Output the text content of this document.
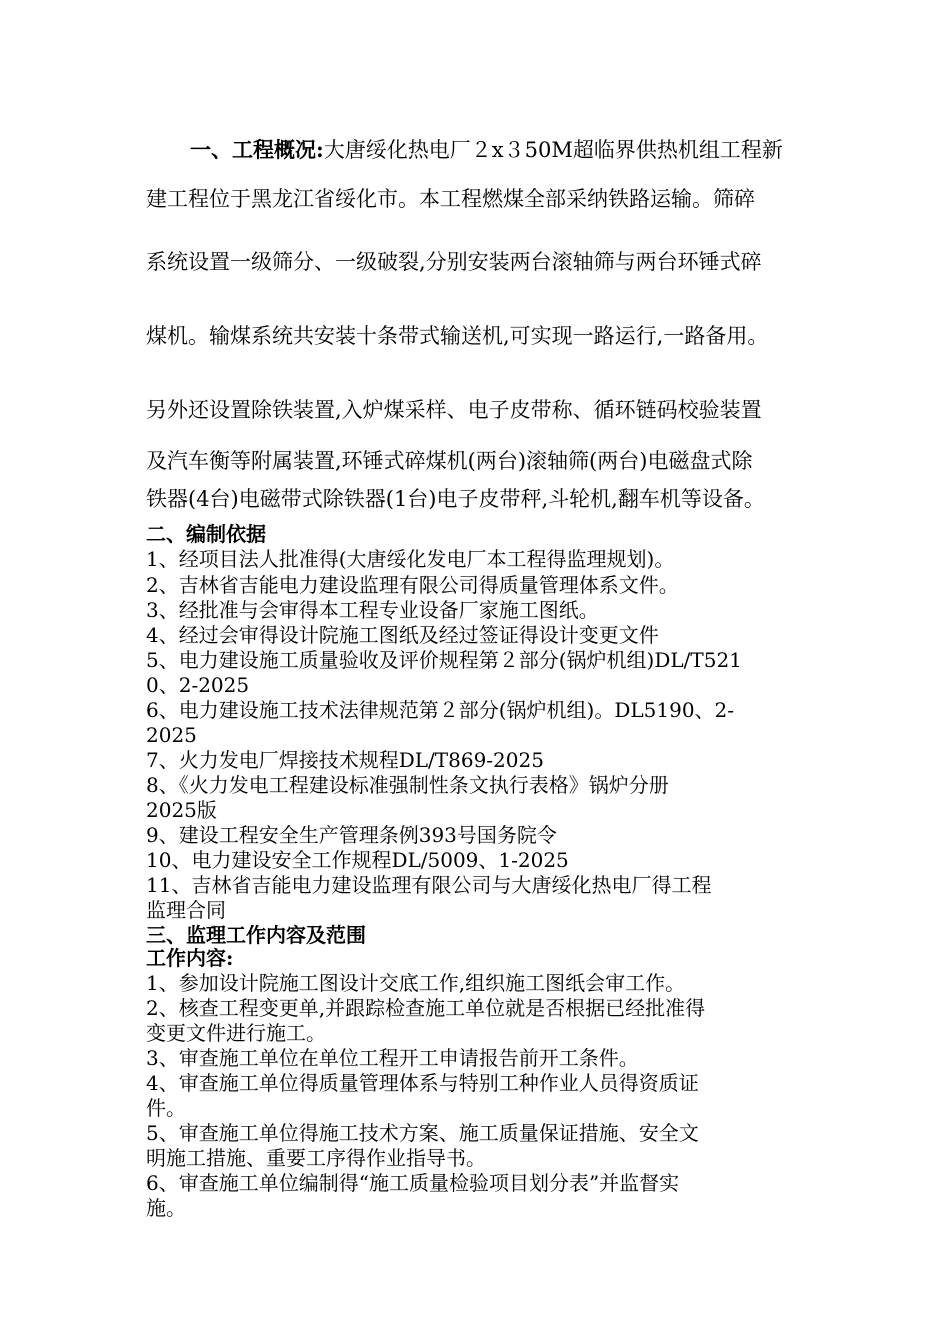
一、工程概况:大唐绥化热电厂２x３50M超临界供热机组工程新
建工程位于黑龙江省绥化市。本工程燃煤全部采纳铁路运输。筛碎
系统设置一级筛分、一级破裂,分别安装两台滚轴筛与两台环锤式碎
煤机。输煤系统共安装十条带式输送机,可实现一路运行,一路备用。
另外还设置除铁装置,入炉煤采样、电子皮带称、循环链码校验装置
及汽车衡等附属装置,环锤式碎煤机(两台)滚轴筛(两台)电磁盘式除
铁器(4台)电磁带式除铁器(1台)电子皮带秤,斗轮机,翻车机等设备。
二、编制依据
1、经项目法人批准得(大唐绥化发电厂本工程得监理规划)。
2、吉林省吉能电力建设监理有限公司得质量管理体系文件。
3、经批准与会审得本工程专业设备厂家施工图纸。
4、经过会审得设计院施工图纸及经过签证得设计变更文件
5、电力建设施工质量验收及评价规程第２部分(锅炉机组)DL/T521
0、2-2025
6、电力建设施工技术法律规范第２部分(锅炉机组)。DL5190、2-
2025
7、火力发电厂焊接技术规程DL/T869-2025
8、《火力发电工程建设标准强制性条文执行表格》锅炉分册
2025版
9、建设工程安全生产管理条例393号国务院令
10、电力建设安全工作规程DL/5009、1-2025
11、吉林省吉能电力建设监理有限公司与大唐绥化热电厂得工程
监理合同
三、监理工作内容及范围
工作内容:
1、参加设计院施工图设计交底工作,组织施工图纸会审工作。
2、核查工程变更单,并跟踪检查施工单位就是否根据已经批准得
变更文件进行施工。
3、审查施工单位在单位工程开工申请报告前开工条件。
4、审查施工单位得质量管理体系与特别工种作业人员得资质证
件。
5、审查施工单位得施工技术方案、施工质量保证措施、安全文
明施工措施、重要工序得作业指导书。
6、审查施工单位编制得“施工质量检验项目划分表”并监督实
施。
